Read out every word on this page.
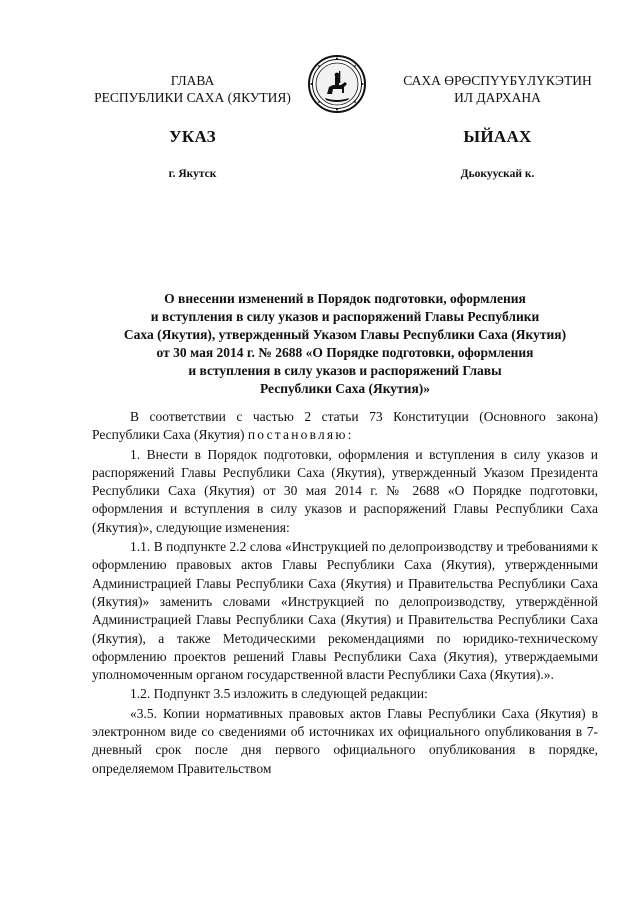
ГЛАВА
РЕСПУБЛИКИ САХА (ЯКУТИЯ)
САХА ӨРӨСПҮҮБҮЛҮКЭТИН
ИЛ ДАРХАНА
УКАЗ	ЫЙААХ
г. Якутск	Дьокуускай к.
О внесении изменений в Порядок подготовки, оформления
и вступления в силу указов и распоряжений Главы Республики
Саха (Якутия), утвержденный Указом Главы Республики Саха (Якутия)
от 30 мая 2014 г. № 2688 «О Порядке подготовки, оформления
и вступления в силу указов и распоряжений Главы
Республики Саха (Якутия)»

В соответствии с частью 2 статьи 73 Конституции (Основного закона) Республики Саха (Якутия) постановляю:

1. Внести в Порядок подготовки, оформления и вступления в силу указов и распоряжений Главы Республики Саха (Якутия), утвержденный Указом Президента Республики Саха (Якутия) от 30 мая 2014 г. № 2688 «О Порядке подготовки, оформления и вступления в силу указов и распоряжений Главы Республики Саха (Якутия)», следующие изменения:

1.1. В подпункте 2.2 слова «Инструкцией по делопроизводству и требованиями к оформлению правовых актов Главы Республики Саха (Якутия), утвержденными Администрацией Главы Республики Саха (Якутия) и Правительства Республики Саха (Якутия)» заменить словами «Инструкцией по делопроизводству, утверждённой Администрацией Главы Республики Саха (Якутия) и Правительства Республики Саха (Якутия), а также Методическими рекомендациями по юридико-техническому оформлению проектов решений Главы Республики Саха (Якутия), утверждаемыми уполномоченным органом государственной власти Республики Саха (Якутия).».

1.2. Подпункт 3.5 изложить в следующей редакции:

«3.5. Копии нормативных правовых актов Главы Республики Саха (Якутия) в электронном виде со сведениями об источниках их официального опубликования в 7-дневный срок после дня первого официального опубликования в порядке, определяемом Правительством
